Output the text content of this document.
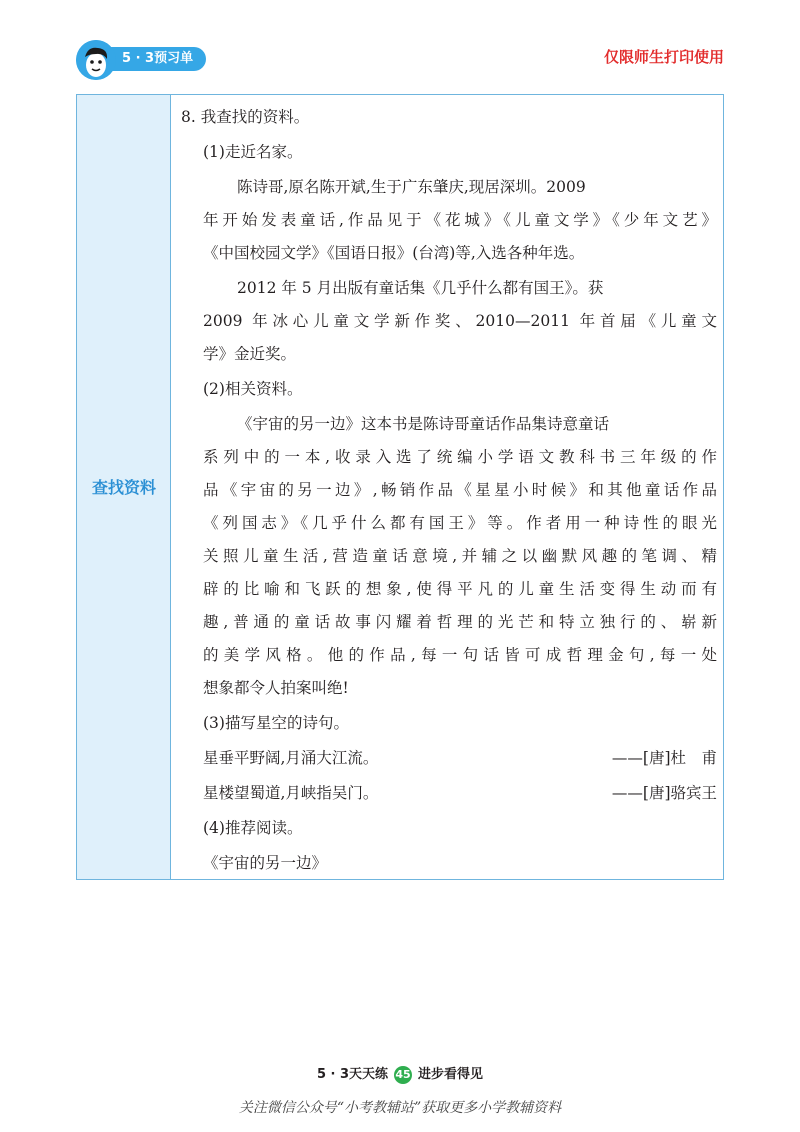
5 · 3预习单	仅限师生打印使用
查找资料
8. 我查找的资料。
(1)走近名家。
陈诗哥,原名陈开斌,生于广东肇庆,现居深圳。2009
年开始发表童话,作品见于《花城》《儿童文学》《少年文艺》
《中国校园文学》《国语日报》(台湾)等,入选各种年选。
2012 年 5 月出版有童话集《几乎什么都有国王》。获
2009 年冰心儿童文学新作奖、2010—2011 年首届《儿童文
学》金近奖。
(2)相关资料。
《宇宙的另一边》这本书是陈诗哥童话作品集诗意童话
系列中的一本,收录入选了统编小学语文教科书三年级的作
品《宇宙的另一边》,畅销作品《星星小时候》和其他童话作品
《列国志》《几乎什么都有国王》等。作者用一种诗性的眼光
关照儿童生活,营造童话意境,并辅之以幽默风趣的笔调、精
辟的比喻和飞跃的想象,使得平凡的儿童生活变得生动而有
趣,普通的童话故事闪耀着哲理的光芒和特立独行的、崭新
的美学风格。他的作品,每一句话皆可成哲理金句,每一处
想象都令人拍案叫绝!
(3)描写星空的诗句。
星垂平野阔,月涌大江流。	——[唐]杜　甫
星楼望蜀道,月峡指吴门。	——[唐]骆宾王
(4)推荐阅读。
《宇宙的另一边》
5 · 3天天练 45 进步看得见
关注微信公众号“小考教辅站”获取更多小学教辅资料
